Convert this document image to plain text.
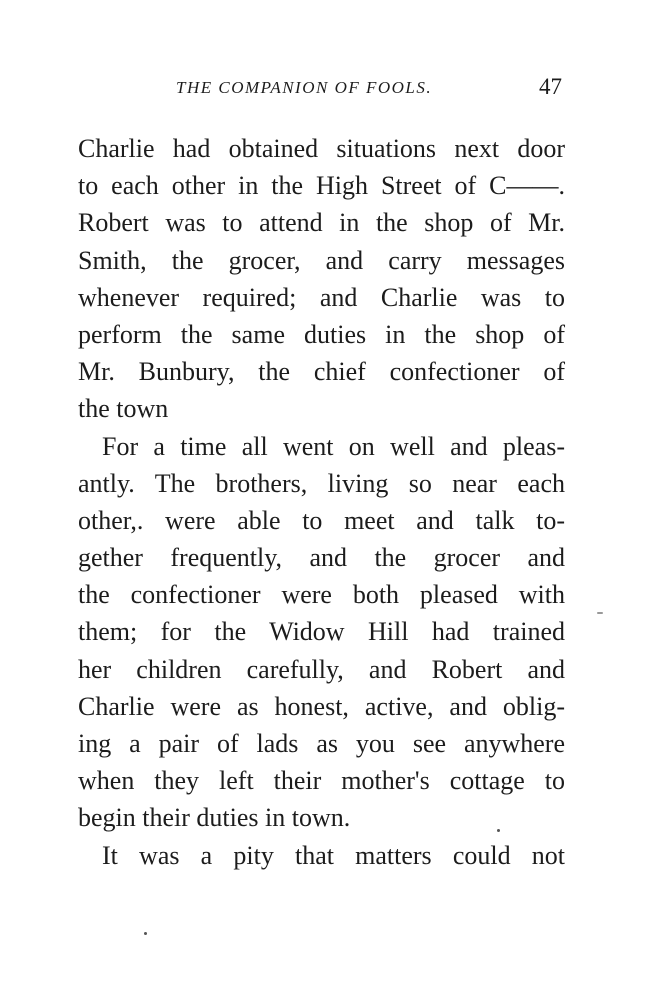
THE COMPANION OF FOOLS.	47
Charlie had obtained situations next door
to each other in the High Street of C——.
Robert was to attend in the shop of Mr.
Smith, the grocer, and carry messages
whenever required; and Charlie was to
perform the same duties in the shop of
Mr. Bunbury, the chief confectioner of
the town
For a time all went on well and pleas-
antly. The brothers, living so near each
other,. were able to meet and talk to-
gether frequently, and the grocer and
the confectioner were both pleased with
them; for the Widow Hill had trained
her children carefully, and Robert and
Charlie were as honest, active, and oblig-
ing a pair of lads as you see anywhere
when they left their mother's cottage to
begin their duties in town.
It was a pity that matters could not
